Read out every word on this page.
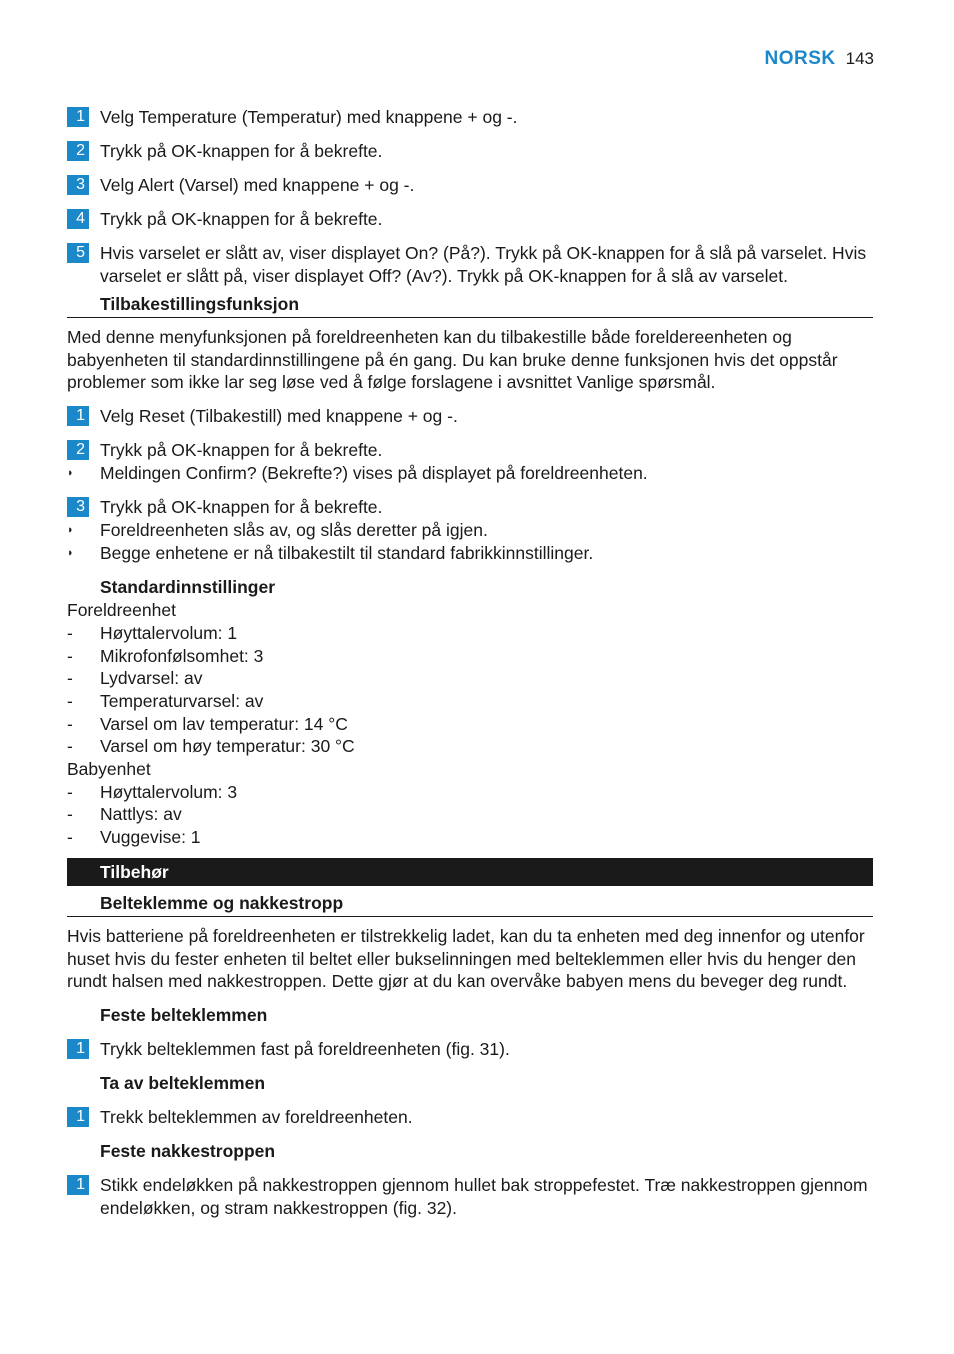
NORSK 143
1 Velg Temperature (Temperatur) med knappene + og -.
2 Trykk på OK-knappen for å bekrefte.
3 Velg Alert (Varsel) med knappene + og -.
4 Trykk på OK-knappen for å bekrefte.
5 Hvis varselet er slått av, viser displayet On? (På?). Trykk på OK-knappen for å slå på varselet. Hvis varselet er slått på, viser displayet Off? (Av?). Trykk på OK-knappen for å slå av varselet.
Tilbakestillingsfunksjon
Med denne menyfunksjonen på foreldreenheten kan du tilbakestille både foreldereenheten og babyenheten til standardinnstillingene på én gang. Du kan bruke denne funksjonen hvis det oppstår problemer som ikke lar seg løse ved å følge forslagene i avsnittet Vanlige spørsmål.
1 Velg Reset (Tilbakestill) med knappene + og -.
2 Trykk på OK-knappen for å bekrefte.
◗	Meldingen Confirm? (Bekrefte?) vises på displayet på foreldreenheten.
3 Trykk på OK-knappen for å bekrefte.
◗	Foreldreenheten slås av, og slås deretter på igjen.
◗	Begge enhetene er nå tilbakestilt til standard fabrikkinnstillinger.
Standardinnstillinger
Foreldreenhet
-	Høyttalervolum: 1
-	Mikrofonfølsomhet: 3
-	Lydvarsel: av
-	Temperaturvarsel: av
-	Varsel om lav temperatur: 14 °C
-	Varsel om høy temperatur: 30 °C
Babyenhet
-	Høyttalervolum: 3
-	Nattlys: av
-	Vuggevise: 1
Tilbehør
Belteklemme og nakkestropp
Hvis batteriene på foreldreenheten er tilstrekkelig ladet, kan du ta enheten med deg innenfor og utenfor huset hvis du fester enheten til beltet eller bukselinningen med belteklemmen eller hvis du henger den rundt halsen med nakkestroppen. Dette gjør at du kan overvåke babyen mens du beveger deg rundt.
Feste belteklemmen
1 Trykk belteklemmen fast på foreldreenheten (fig. 31).
Ta av belteklemmen
1 Trekk belteklemmen av foreldreenheten.
Feste nakkestroppen
1 Stikk endeløkken på nakkestroppen gjennom hullet bak stroppefestet. Træ nakkestroppen gjennom endeløkken, og stram nakkestroppen (fig. 32).
